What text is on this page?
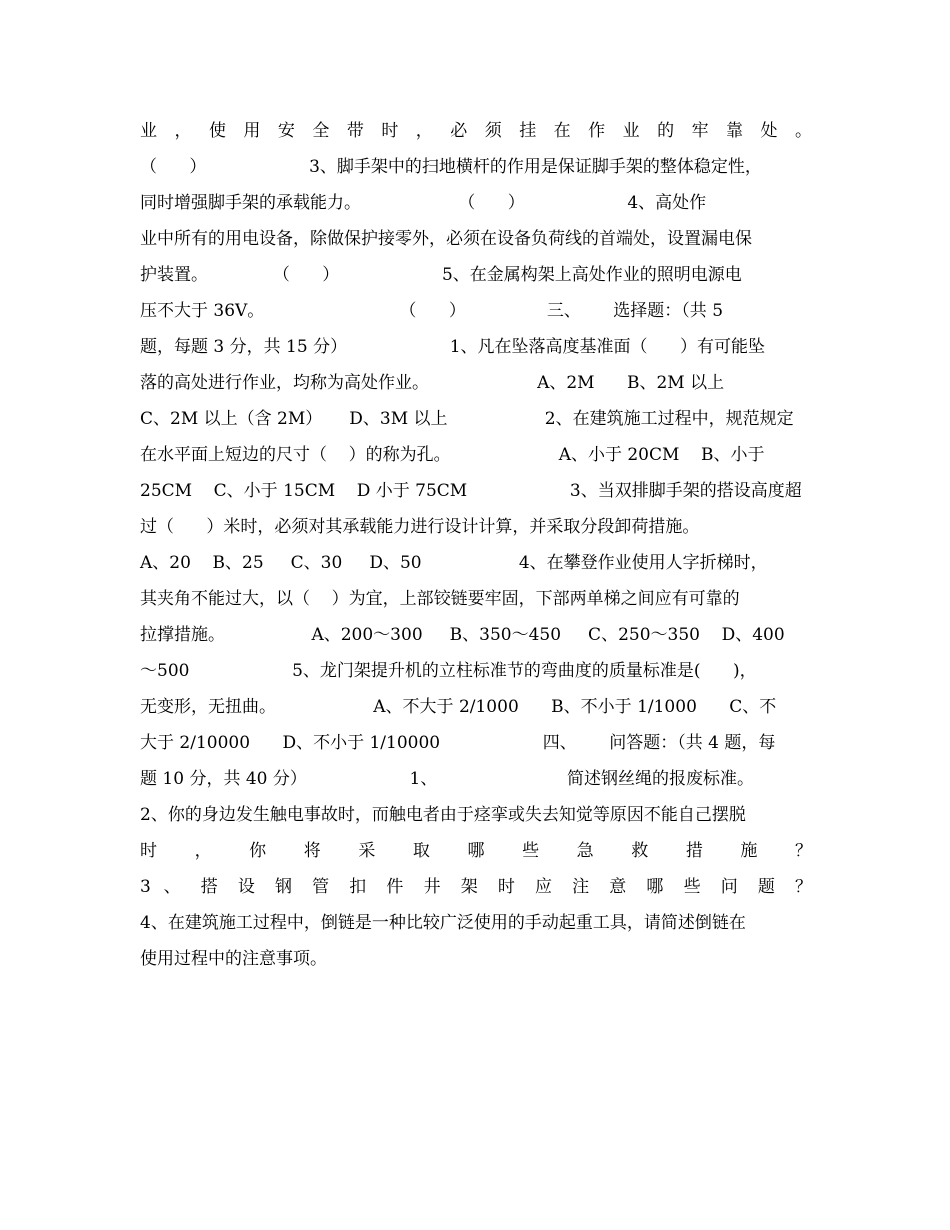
业 ， 使 用 安 全 带 时 ， 必 须 挂 在 作 业 的 牢 靠 处 。
（      ）                   3、脚手架中的扫地横杆的作用是保证脚手架的整体稳定性，
同时增强脚手架的承载能力。                  （      ）                   4、高处作
业中所有的用电设备，除做保护接零外，必须在设备负荷线的首端处，设置漏电保
护装置。            （      ）                   5、在金属构架上高处作业的照明电源电
压不大于 36V。                         （      ）               三、      选择题：（共 5
题，每题 3 分，共 15 分）                   1、凡在坠落高度基准面（      ）有可能坠
落的高处进行作业，均称为高处作业。                    A、2M      B、2M 以上
C、2M 以上（含 2M）     D、3M 以上                  2、在建筑施工过程中，规范规定
在水平面上短边的尺寸（    ）的称为孔。                    A、小于 20CM    B、小于
25CM    C、小于 15CM    D 小于 75CM                   3、当双排脚手架的搭设高度超
过（      ）米时，必须对其承载能力进行设计计算，并采取分段卸荷措施。
A、20    B、25     C、30     D、50                  4、在攀登作业使用人字折梯时，
其夹角不能过大，以（    ）为宜，上部铰链要牢固，下部两单梯之间应有可靠的
拉撑措施。                A、200～300     B、350～450     C、250～350    D、400
～500                   5、龙门架提升机的立柱标准节的弯曲度的质量标准是(      )，
无变形，无扭曲。                  A、不大于 2/1000      B、不小于 1/1000      C、不
大于 2/10000      D、不小于 1/10000                   四、      问答题：（共 4 题，每
题 10 分，共 40 分）                   1、                        简述钢丝绳的报废标准。
2、你的身边发生触电事故时，而触电者由于痉挛或失去知觉等原因不能自己摆脱
时 ， 你 将 采 取 哪 些 急 救 措 施 ？
3 、 搭 设 钢 管 扣 件 井 架 时 应 注 意 哪 些 问 题 ？
4、在建筑施工过程中，倒链是一种比较广泛使用的手动起重工具，请简述倒链在
使用过程中的注意事项。
